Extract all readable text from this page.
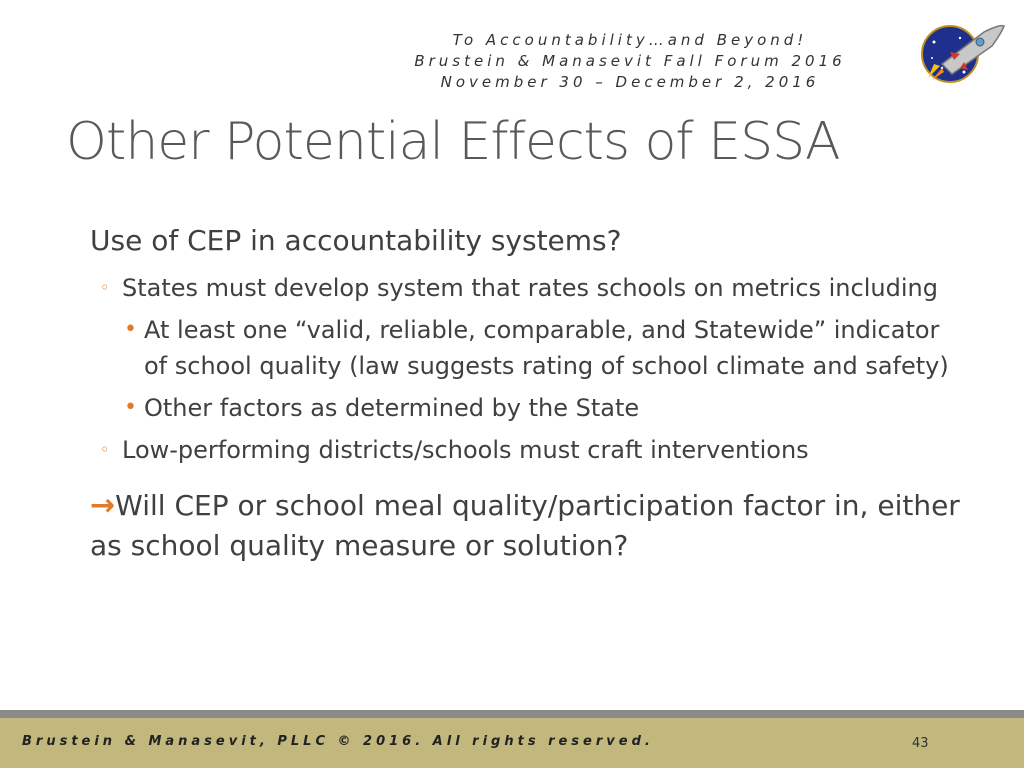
To Accountability…and Beyond!
Brustein & Manasevit Fall Forum 2016
November 30 – December 2, 2016
Other Potential Effects of ESSA
Use of CEP in accountability systems?
◦ States must develop system that rates schools on metrics including
• At least one “valid, reliable, comparable, and Statewide” indicator of school quality (law suggests rating of school climate and safety)
• Other factors as determined by the State
◦ Low-performing districts/schools must craft interventions
→Will CEP or school meal quality/participation factor in, either as school quality measure or solution?
Brustein & Manasevit, PLLC © 2016. All rights reserved.	43
